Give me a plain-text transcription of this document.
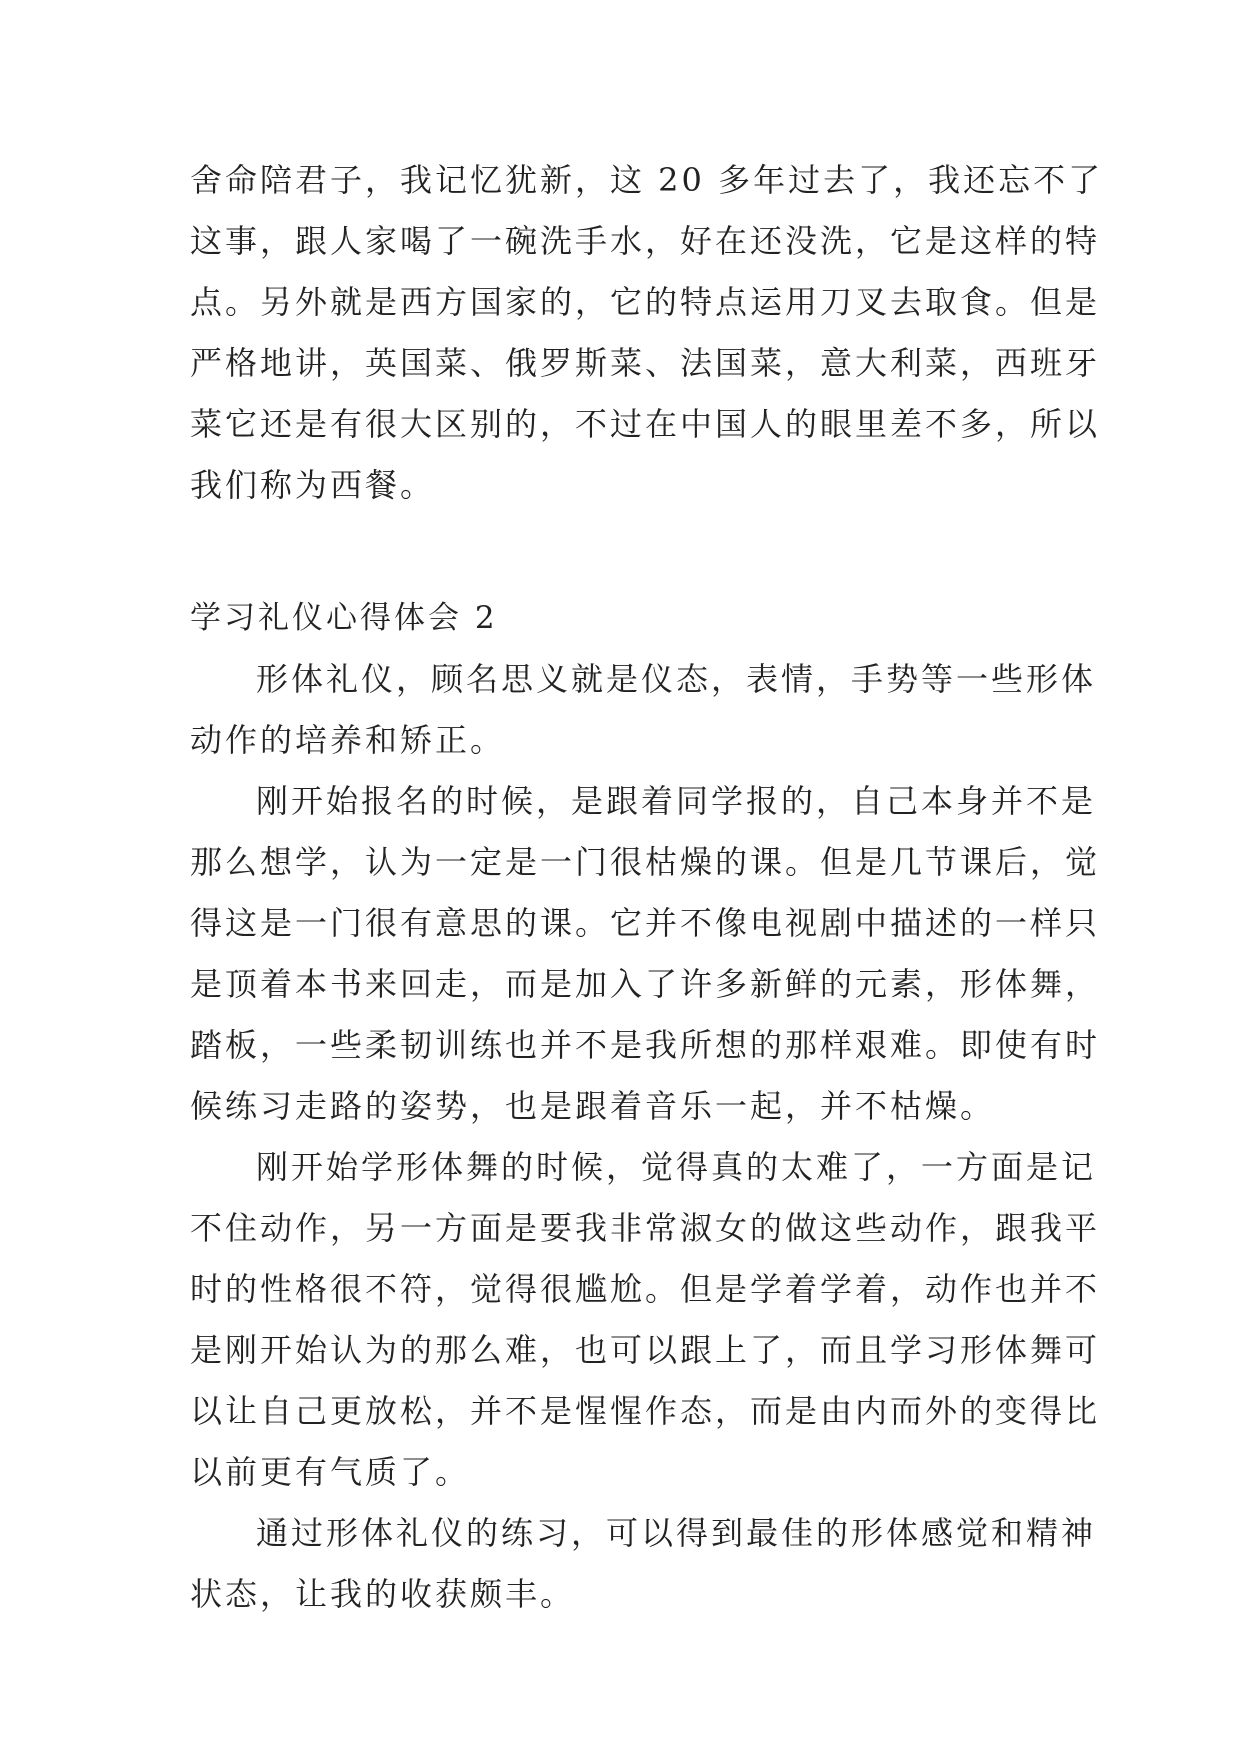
舍命陪君子，我记忆犹新，这 20 多年过去了，我还忘不了

这事，跟人家喝了一碗洗手水，好在还没洗，它是这样的特

点。另外就是西方国家的，它的特点运用刀叉去取食。但是

严格地讲，英国菜、俄罗斯菜、法国菜，意大利菜，西班牙

菜它还是有很大区别的，不过在中国人的眼里差不多，所以

我们称为西餐。

学习礼仪心得体会 2

形体礼仪，顾名思义就是仪态，表情，手势等一些形体

动作的培养和矫正。

刚开始报名的时候，是跟着同学报的，自己本身并不是

那么想学，认为一定是一门很枯燥的课。但是几节课后，觉

得这是一门很有意思的课。它并不像电视剧中描述的一样只

是顶着本书来回走，而是加入了许多新鲜的元素，形体舞，

踏板，一些柔韧训练也并不是我所想的那样艰难。即使有时

候练习走路的姿势，也是跟着音乐一起，并不枯燥。

刚开始学形体舞的时候，觉得真的太难了，一方面是记

不住动作，另一方面是要我非常淑女的做这些动作，跟我平

时的性格很不符，觉得很尴尬。但是学着学着，动作也并不

是刚开始认为的那么难，也可以跟上了，而且学习形体舞可

以让自己更放松，并不是惺惺作态，而是由内而外的变得比

以前更有气质了。

通过形体礼仪的练习，可以得到最佳的形体感觉和精神

状态，让我的收获颇丰。
